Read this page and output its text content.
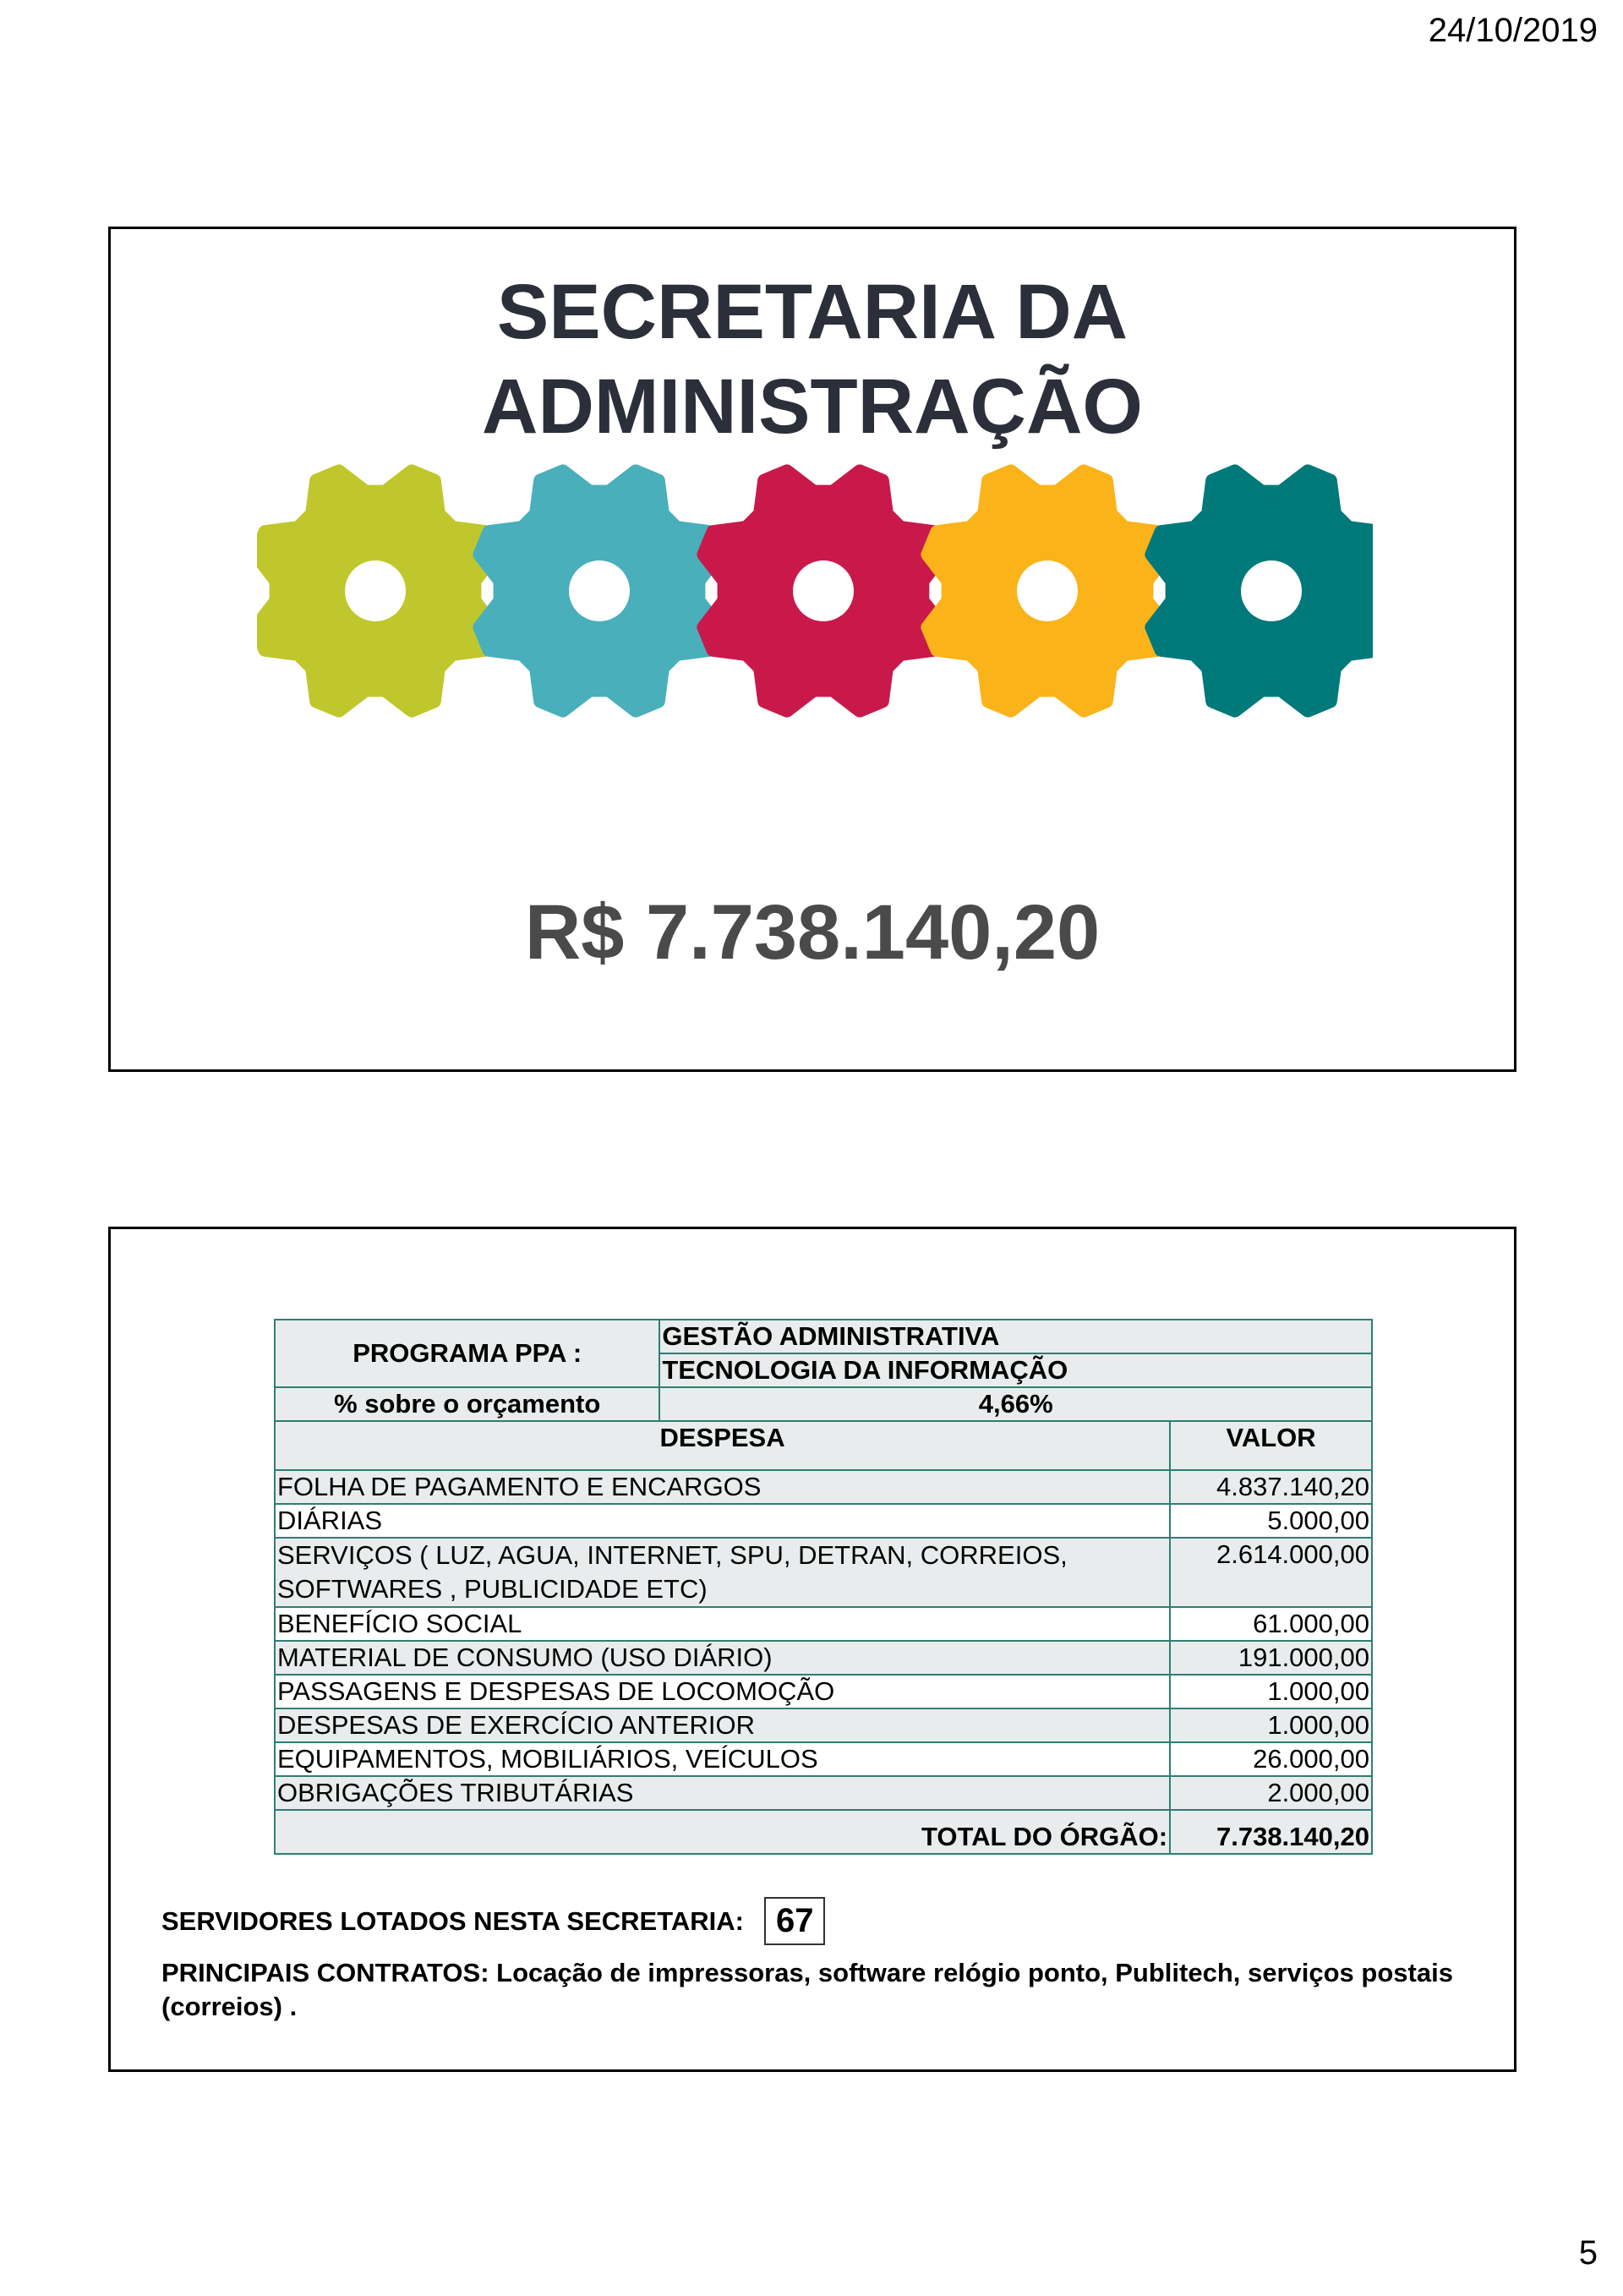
24/10/2019
SECRETARIA DA
ADMINISTRAÇÃO
R$ 7.738.140,20
PROGRAMA PPA :	GESTÃO ADMINISTRATIVA	
	TECNOLOGIA DA INFORMAÇÃO	
% sobre o orçamento	4,66%	
DESPESA		VALOR
FOLHA DE PAGAMENTO E ENCARGOS		4.837.140,20
DIÁRIAS		5.000,00
SERVIÇOS ( LUZ, AGUA, INTERNET, SPU, DETRAN, CORREIOS, SOFTWARES , PUBLICIDADE ETC)		2.614.000,00
BENEFÍCIO SOCIAL		61.000,00
MATERIAL DE CONSUMO (USO DIÁRIO)		191.000,00
PASSAGENS E DESPESAS DE LOCOMOÇÃO		1.000,00
DESPESAS DE EXERCÍCIO ANTERIOR		1.000,00
EQUIPAMENTOS, MOBILIÁRIOS, VEÍCULOS		26.000,00
OBRIGAÇÕES TRIBUTÁRIAS		2.000,00
TOTAL DO ÓRGÃO:		7.738.140,20
SERVIDORES LOTADOS NESTA SECRETARIA: 67
PRINCIPAIS CONTRATOS: Locação de impressoras, software relógio ponto, Publitech, serviços postais (correios) .
5
